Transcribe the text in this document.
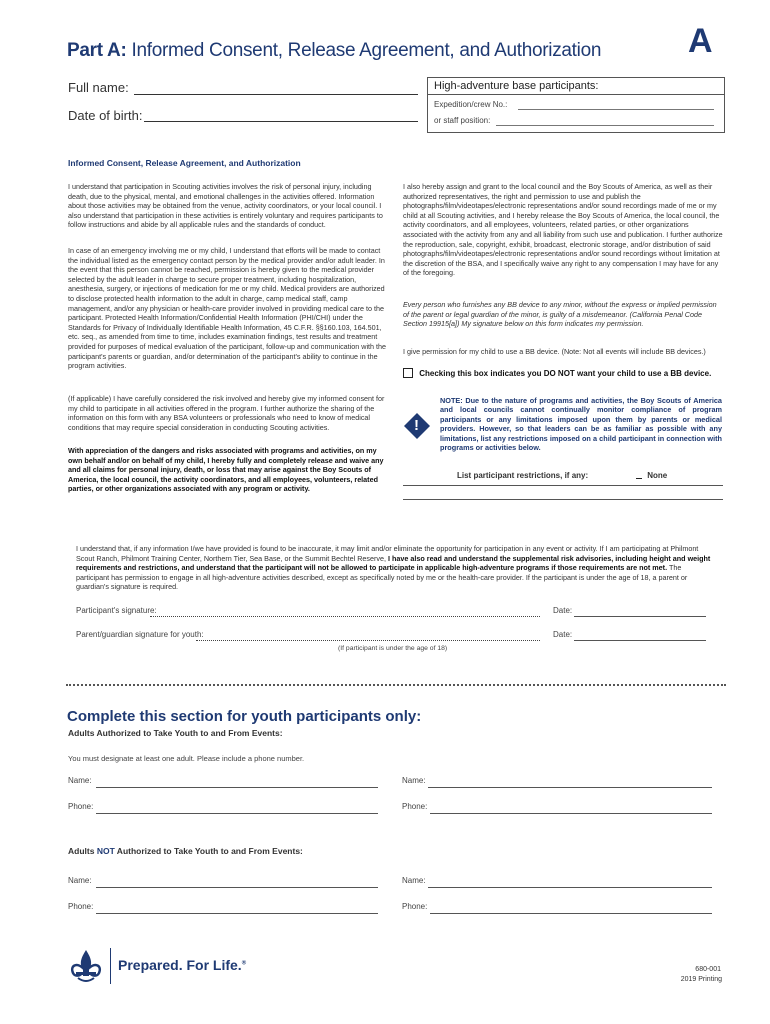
Part A: Informed Consent, Release Agreement, and Authorization	A
Full name:
Date of birth:
High-adventure base participants:
Expedition/crew No.:
or staff position:
Informed Consent, Release Agreement, and Authorization
I understand that participation in Scouting activities involves the risk of personal injury, including death, due to the physical, mental, and emotional challenges in the activities offered. Information about those activities may be obtained from the venue, activity coordinators, or your local council. I also understand that participation in these activities is entirely voluntary and requires participants to follow instructions and abide by all applicable rules and the standards of conduct.
In case of an emergency involving me or my child, I understand that efforts will be made to contact the individual listed as the emergency contact person by the medical provider and/or adult leader. In the event that this person cannot be reached, permission is hereby given to the medical provider selected by the adult leader in charge to secure proper treatment, including hospitalization, anesthesia, surgery, or injections of medication for me or my child. Medical providers are authorized to disclose protected health information to the adult in charge, camp medical staff, camp management, and/or any physician or health-care provider involved in providing medical care to the participant. Protected Health Information/Confidential Health Information (PHI/CHI) under the Standards for Privacy of Individually Identifiable Health Information, 45 C.F.R. §§160.103, 164.501, etc. seq., as amended from time to time, includes examination findings, test results and treatment provided for purposes of medical evaluation of the participant, follow-up and communication with the participant's parents or guardian, and/or determination of the participant's ability to continue in the program activities.
(If applicable) I have carefully considered the risk involved and hereby give my informed consent for my child to participate in all activities offered in the program. I further authorize the sharing of the information on this form with any BSA volunteers or professionals who need to know of medical conditions that may require special consideration in conducting Scouting activities.
With appreciation of the dangers and risks associated with programs and activities, on my own behalf and/or on behalf of my child, I hereby fully and completely release and waive any and all claims for personal injury, death, or loss that may arise against the Boy Scouts of America, the local council, the activity coordinators, and all employees, volunteers, related parties, or other organizations associated with any program or activity.
I also hereby assign and grant to the local council and the Boy Scouts of America, as well as their authorized representatives, the right and permission to use and publish the photographs/film/videotapes/electronic representations and/or sound recordings made of me or my child at all Scouting activities, and I hereby release the Boy Scouts of America, the local council, the activity coordinators, and all employees, volunteers, related parties, or other organizations associated with the activity from any and all liability from such use and publication. I further authorize the reproduction, sale, copyright, exhibit, broadcast, electronic storage, and/or distribution of said photographs/film/videotapes/electronic representations and/or sound recordings without limitation at the discretion of the BSA, and I specifically waive any right to any compensation I may have for any of the foregoing.
Every person who furnishes any BB device to any minor, without the express or implied permission of the parent or legal guardian of the minor, is guilty of a misdemeanor. (California Penal Code Section 19915[a]) My signature below on this form indicates my permission.
I give permission for my child to use a BB device. (Note: Not all events will include BB devices.)
Checking this box indicates you DO NOT want your child to use a BB device.
!
NOTE: Due to the nature of programs and activities, the Boy Scouts of America and local councils cannot continually monitor compliance of program participants or any limitations imposed upon them by parents or medical providers. However, so that leaders can be as familiar as possible with any limitations, list any restrictions imposed on a child participant in connection with programs or activities below.
List participant restrictions, if any:	None
I understand that, if any information I/we have provided is found to be inaccurate, it may limit and/or eliminate the opportunity for participation in any event or activity. If I am participating at Philmont Scout Ranch, Philmont Training Center, Northern Tier, Sea Base, or the Summit Bechtel Reserve, I have also read and understand the supplemental risk advisories, including height and weight requirements and restrictions, and understand that the participant will not be allowed to participate in applicable high-adventure programs if those requirements are not met. The participant has permission to engage in all high-adventure activities described, except as specifically noted by me or the health-care provider. If the participant is under the age of 18, a parent or guardian's signature is required.
Participant's signature:	Date:
Parent/guardian signature for youth:	Date:
(If participant is under the age of 18)
Complete this section for youth participants only:
Adults Authorized to Take Youth to and From Events:
You must designate at least one adult. Please include a phone number.
Name:	Name:
Phone:	Phone:
Adults NOT Authorized to Take Youth to and From Events:
Name:	Name:
Phone:	Phone:
Prepared. For Life.®
680-001
2019 Printing
